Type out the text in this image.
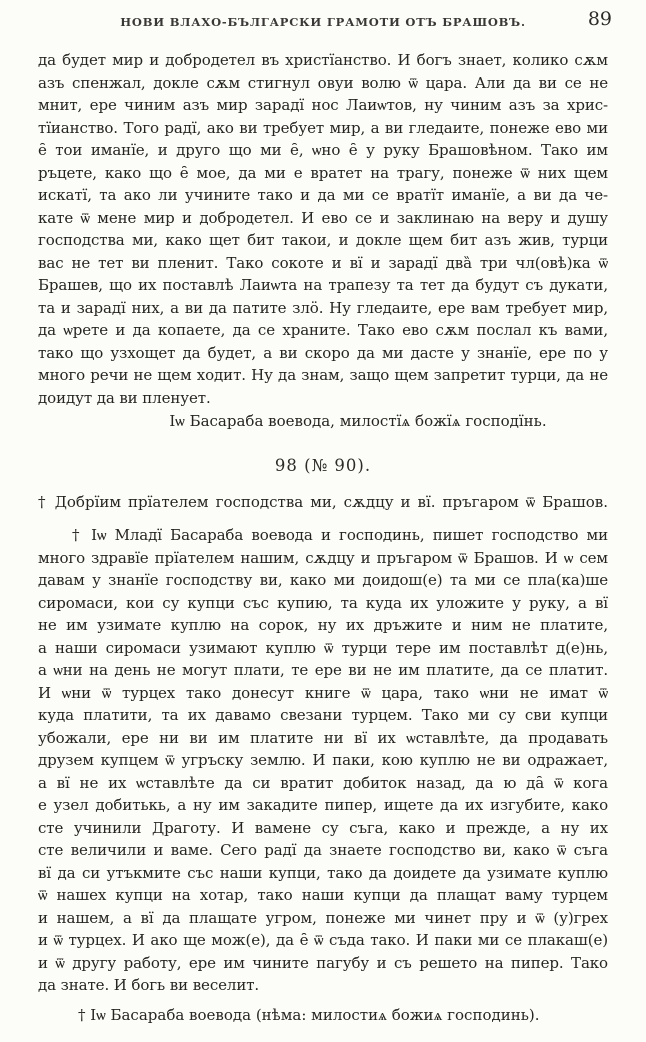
НОВИ ВЛАХО-БЪЛГАРСКИ ГРАМОТИ ОТЪ БРАШОВЪ.	89
да будет мир и добродетел въ христїанство. И богъ знает, колико сѫм
азъ спенжал, докле сѫм стигнул овуи волю ѿ цара. Али да ви се не
мнит, ере чиним азъ мир зарадї нос Лаиѡтов, ну чиним азъ за хрис-
тїианство. Того радї, ако ви требует мир, а ви гледаите, понеже ево ми
е̑ тои иманїе, и друго що ми е̑, ѡно е̑ у руку Брашовѣном. Тако им
ръцете, како що е̑ мое, да ми е вратет на трагу, понеже ѿ них щем
искатї, та ако ли учините тако и да ми се вратїт иманїе, а ви да че-
кате ѿ мене мир и добродетел. И ево се и заклинаю на веру и душу
господства ми, како щет бит такои, и докле щем бит азъ жив, турци
вас не тет ви пленит. Тако сокоте и вї и зарадї два̏ три чл(овѣ)ка ѿ
Брашев, що их поставлѣ Лаиѡта на трапезу та тет да будут съ дукати,
та и зарадї них, а ви да патите злӧ. Ну гледаите, ере вам требует мир,
да ѡрете и да копаете, да се храните. Тако ево сѫм послал къ вами,
тако що узхощет да будет, а ви скоро да ми дасте у знанїе, ере по у
много речи не щем ходит. Ну да знам, защо щем запретит турци, да не
доидут да ви пленует.
Іѡ Басараба воевода, милостїѧ божїѧ господїнь.
98 (№ 90).
† Добрїим прїателем господства ми, сѫдцу и вї. пръгаром ѿ Брашов.
† Іѡ Младї Басараба воевода и господинь, пишет господство ми
много здравїе прїателем нашим, сѫдцу и пръгаром ѿ Брашов. И ѡ сем
давам у знанїе господству ви, како ми доидош(е) та ми се пла(ка)ше
сиромаси, кои су купци със купию, та куда их уложите у руку, а вї
не им узимате куплю на сорок, ну их дръжите и ним не платите,
а наши сиромаси узимают куплю ѿ турци тере им поставлѣт д(е)нь,
а ѡни на день не могут плати, те ере ви не им платите, да се платит.
И ѡни ѿ турцех тако донесут книге ѿ цара, тако ѡни не имат ѿ
куда платити, та их давамо свезани турцем. Тако ми су сви купци
убожали, ере ни ви им платите ни вї их ѡставлѣте, да продавать
друзем купцем ѿ угръску землю. И паки, кою куплю не ви одражает,
а вї не их ѡставлѣте да си вратит добиток назад, да ю да̑ ѿ кога
е узел добитькь, а ну им закадите пипер, ищете да их изгубите, како
сте учинили Драготу. И вамене су съга, како и прежде, а ну их
сте величили и ваме. Сего радї да знаете господство ви, како ѿ съга
вї да си утъкмите със наши купци, тако да доидете да узимате куплю
ѿ нашех купци на хотар, тако наши купци да плащат ваму турцем
и нашем, а вї да плащате угром, понеже ми чинет пру и ѿ (у)грех
и ѿ турцех. И ако ще мож(е), да е̑ ѿ съда тако. И паки ми се плакаш(е)
и ѿ другу работу, ере им чините пагубу и съ решето на пипер. Тако
да знате. И богь ви веселит.
† Іѡ Басараба воевода (нѣма: милостиѧ божиѧ господинь).
